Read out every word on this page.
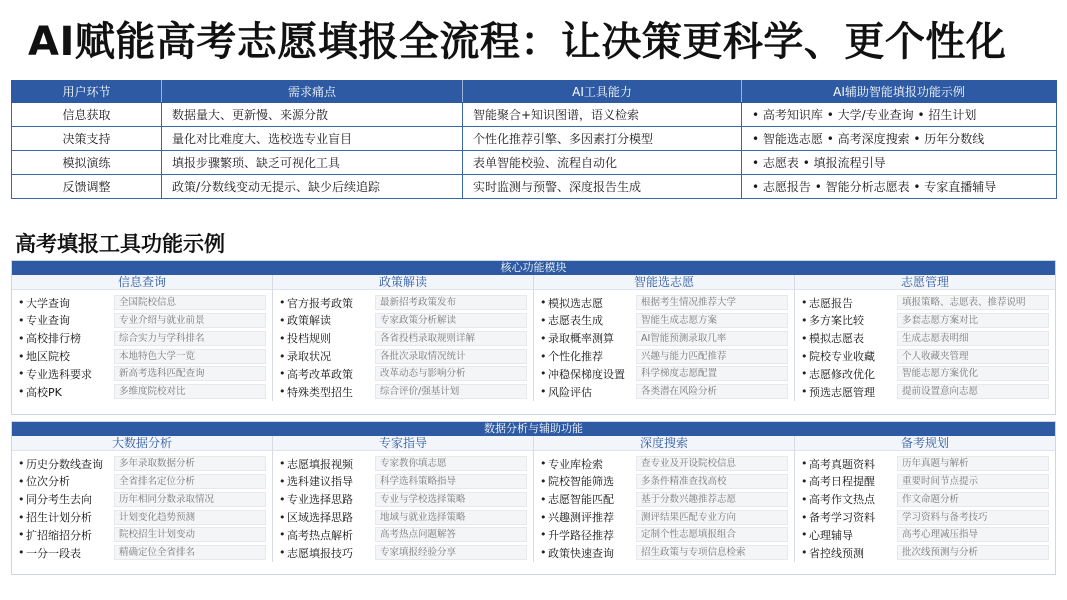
AI赋能高考志愿填报全流程：让决策更科学、更个性化
用户环节	需求痛点	AI工具能力	AI辅助智能填报功能示例
信息获取	数据量大、更新慢、来源分散	智能聚合+知识图谱，语义检索	• 高考知识库 • 大学/专业查询 • 招生计划
决策支持	量化对比难度大、选校选专业盲目	个性化推荐引擎、多因素打分模型	• 智能选志愿 • 高考深度搜索 • 历年分数线
模拟演练	填报步骤繁琐、缺乏可视化工具	表单智能校验、流程自动化	• 志愿表 • 填报流程引导
反馈调整	政策/分数线变动无提示、缺少后续追踪	实时监测与预警、深度报告生成	• 志愿报告 • 智能分析志愿表 • 专家直播辅导
高考填报工具功能示例
核心功能模块
信息查询
• 大学查询	全国院校信息
• 专业查询	专业介绍与就业前景
• 高校排行榜	综合实力与学科排名
• 地区院校	本地特色大学一览
• 专业选科要求	新高考选科匹配查询
• 高校PK	多维度院校对比
政策解读
• 官方报考政策	最新招考政策发布
• 政策解读	专家政策分析解读
• 投档规则	各省投档录取规则详解
• 录取状况	各批次录取情况统计
• 高考改革政策	改革动态与影响分析
• 特殊类型招生	综合评价/强基计划
智能选志愿
• 模拟选志愿	根据考生情况推荐大学
• 志愿表生成	智能生成志愿方案
• 录取概率测算	AI智能预测录取几率
• 个性化推荐	兴趣与能力匹配推荐
• 冲稳保梯度设置	科学梯度志愿配置
• 风险评估	各类潜在风险分析
志愿管理
• 志愿报告	填报策略、志愿表、推荐说明
• 多方案比较	多套志愿方案对比
• 模拟志愿表	生成志愿表明细
• 院校专业收藏	个人收藏夹管理
• 志愿修改优化	智能志愿方案优化
• 预选志愿管理	提前设置意向志愿
数据分析与辅助功能
大数据分析
• 历史分数线查询	多年录取数据分析
• 位次分析	全省排名定位分析
• 同分考生去向	历年相同分数录取情况
• 招生计划分析	计划变化趋势预测
• 扩招缩招分析	院校招生计划变动
• 一分一段表	精确定位全省排名
专家指导
• 志愿填报视频	专家教你填志愿
• 选科建议指导	科学选科策略指导
• 专业选择思路	专业与学校选择策略
• 区域选择思路	地域与就业选择策略
• 高考热点解析	高考热点问题解答
• 志愿填报技巧	专家填报经验分享
深度搜索
• 专业库检索	查专业及开设院校信息
• 院校智能筛选	多条件精准查找高校
• 志愿智能匹配	基于分数兴趣推荐志愿
• 兴趣测评推荐	测评结果匹配专业方向
• 升学路径推荐	定制个性志愿填报组合
• 政策快速查询	招生政策与专项信息检索
备考规划
• 高考真题资料	历年真题与解析
• 高考日程提醒	重要时间节点提示
• 高考作文热点	作文命题分析
• 备考学习资料	学习资料与备考技巧
• 心理辅导	高考心理减压指导
• 省控线预测	批次线预测与分析
